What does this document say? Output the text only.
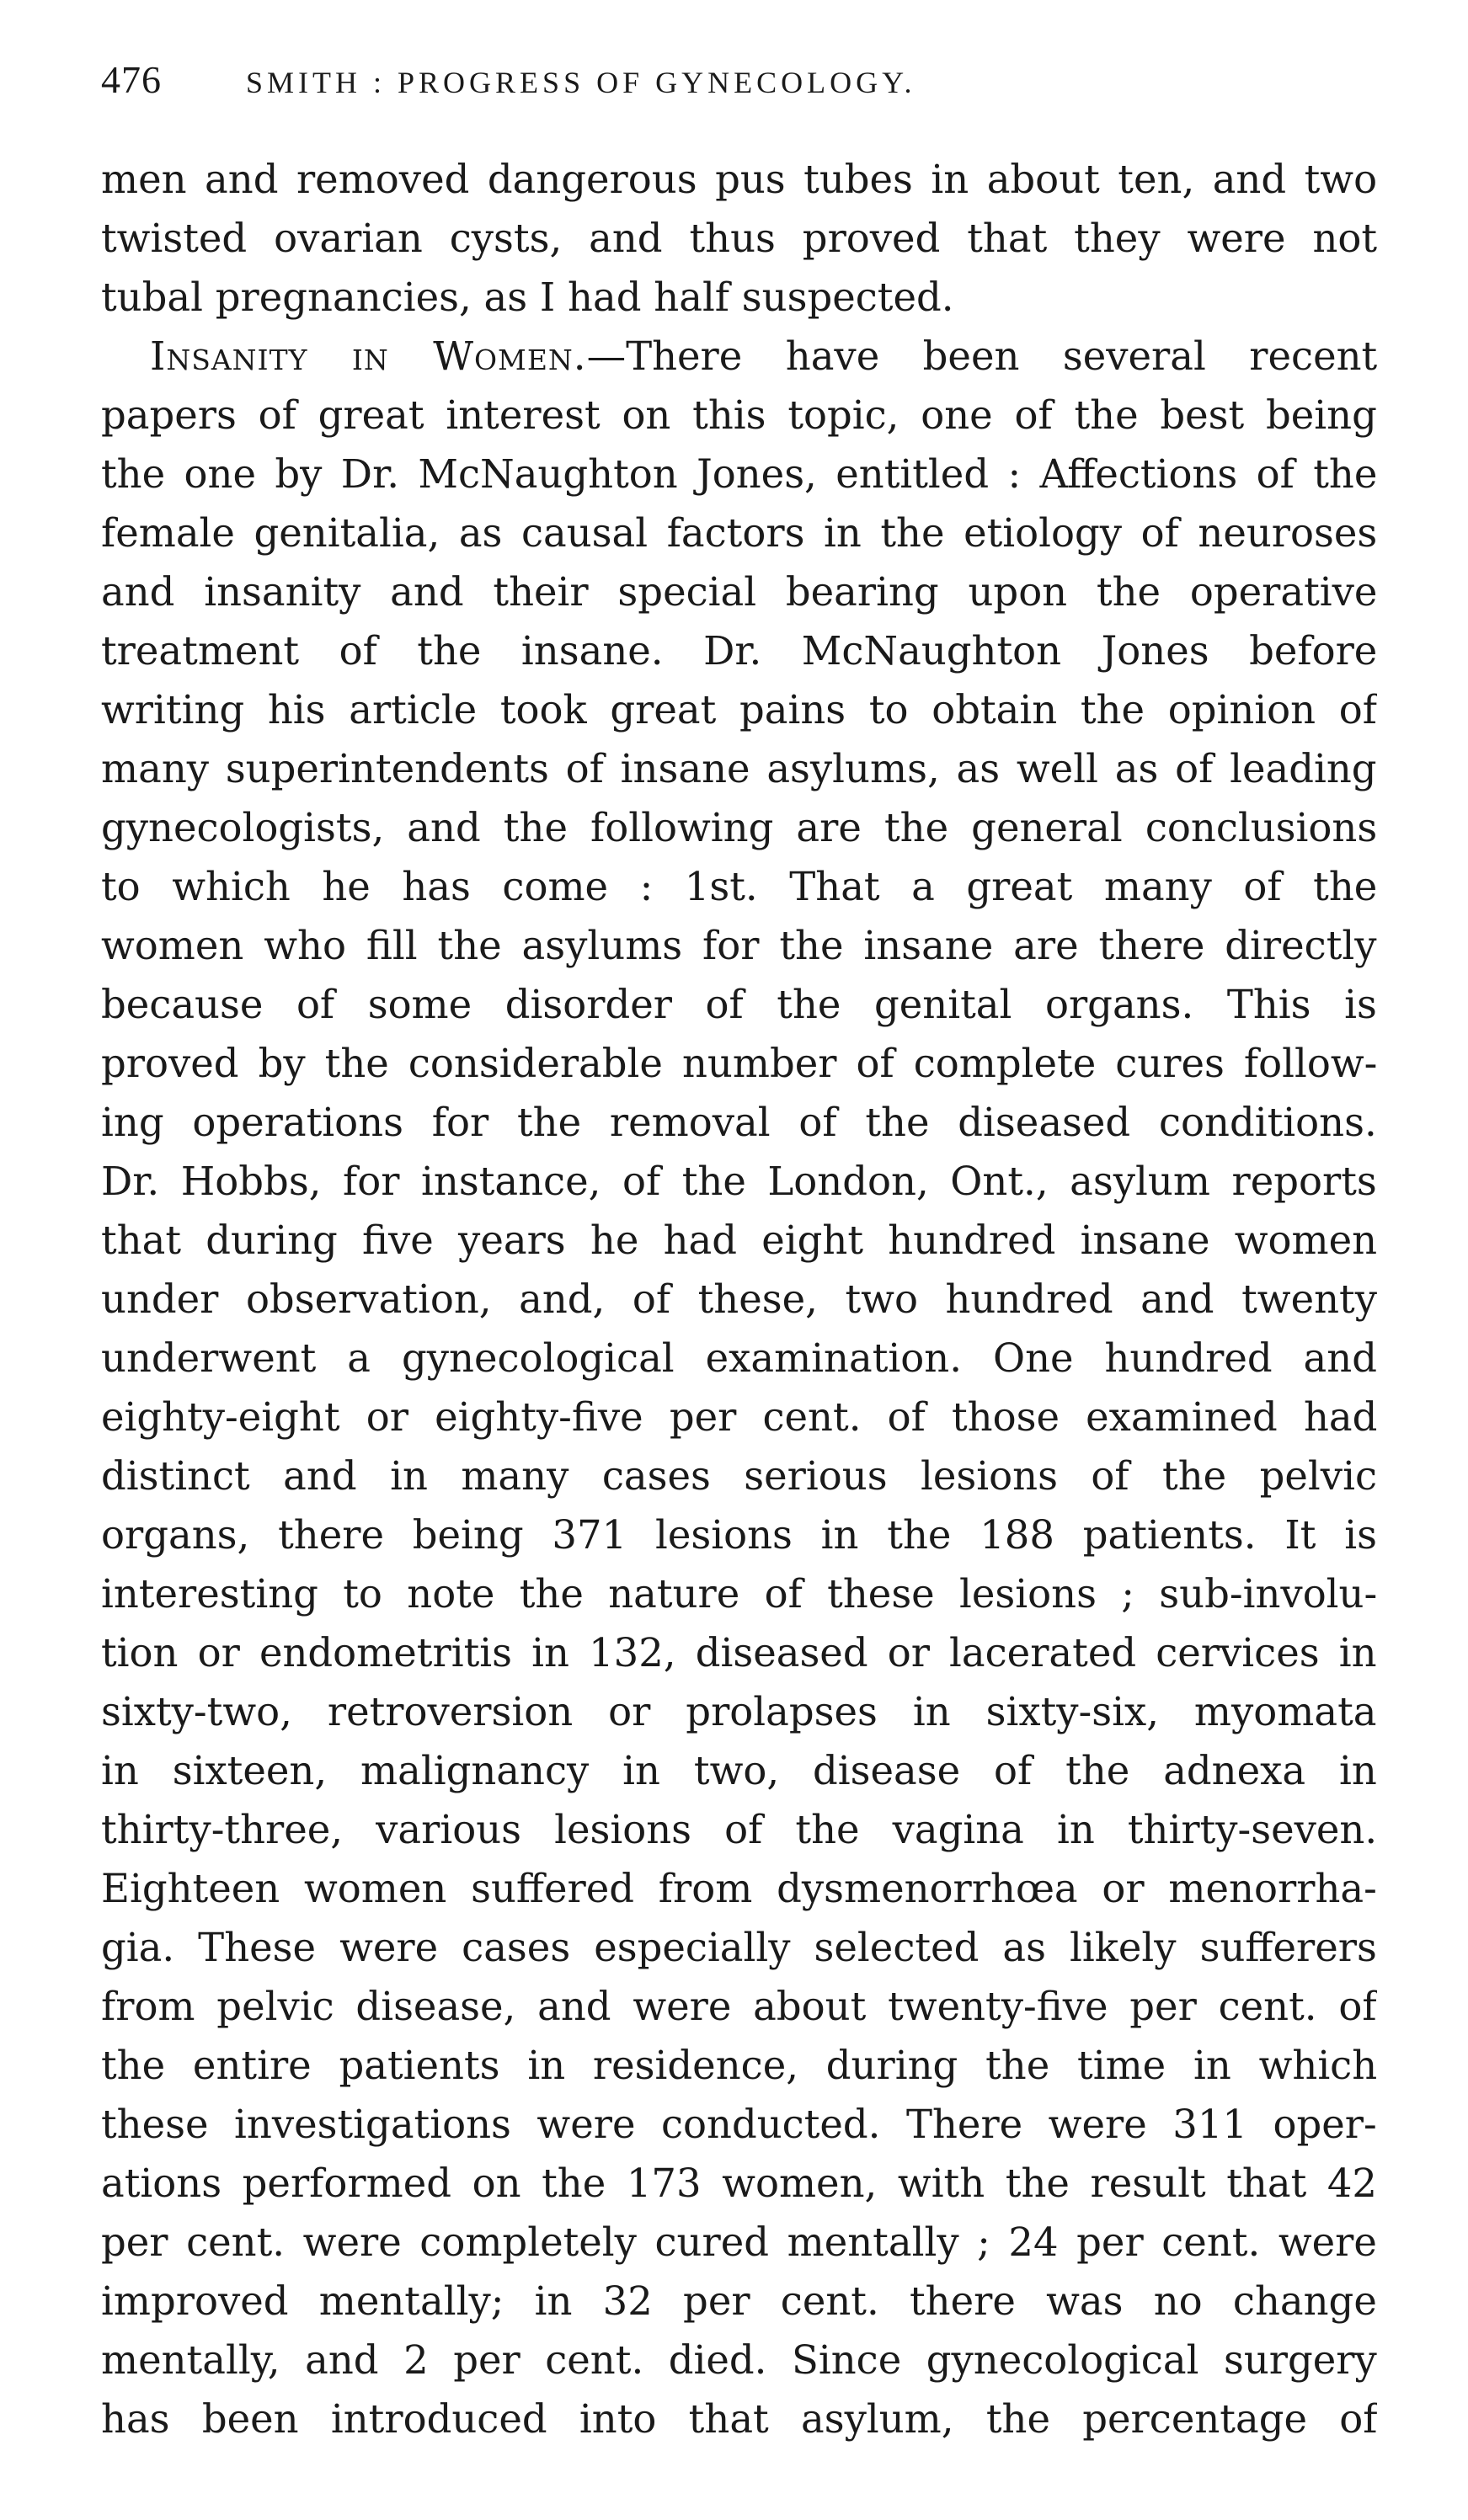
476	SMITH : PROGRESS OF GYNECOLOGY.
men and removed dangerous pus tubes in about ten, and two
twisted ovarian cysts, and thus proved that they were not
tubal pregnancies, as I had half suspected.
Insanity in Women.—There have been several recent
papers of great interest on this topic, one of the best being
the one by Dr. McNaughton Jones, entitled : Affections of the
female genitalia, as causal factors in the etiology of neuroses
and insanity and their special bearing upon the operative
treatment of the insane. Dr. McNaughton Jones before
writing his article took great pains to obtain the opinion of
many superintendents of insane asylums, as well as of leading
gynecologists, and the following are the general conclusions
to which he has come : 1st. That a great many of the
women who fill the asylums for the insane are there directly
because of some disorder of the genital organs. This is
proved by the considerable number of complete cures follow-
ing operations for the removal of the diseased conditions.
Dr. Hobbs, for instance, of the London, Ont., asylum reports
that during five years he had eight hundred insane women
under observation, and, of these, two hundred and twenty
underwent a gynecological examination. One hundred and
eighty-eight or eighty-five per cent. of those examined had
distinct and in many cases serious lesions of the pelvic
organs, there being 371 lesions in the 188 patients. It is
interesting to note the nature of these lesions ; sub-involu-
tion or endometritis in 132, diseased or lacerated cervices in
sixty-two, retroversion or prolapses in sixty-six, myomata
in sixteen, malignancy in two, disease of the adnexa in
thirty-three, various lesions of the vagina in thirty-seven.
Eighteen women suffered from dysmenorrhœa or menorrha-
gia. These were cases especially selected as likely sufferers
from pelvic disease, and were about twenty-five per cent. of
the entire patients in residence, during the time in which
these investigations were conducted. There were 311 oper-
ations performed on the 173 women, with the result that 42
per cent. were completely cured mentally ; 24 per cent. were
improved mentally; in 32 per cent. there was no change
mentally, and 2 per cent. died. Since gynecological surgery
has been introduced into that asylum, the percentage of
